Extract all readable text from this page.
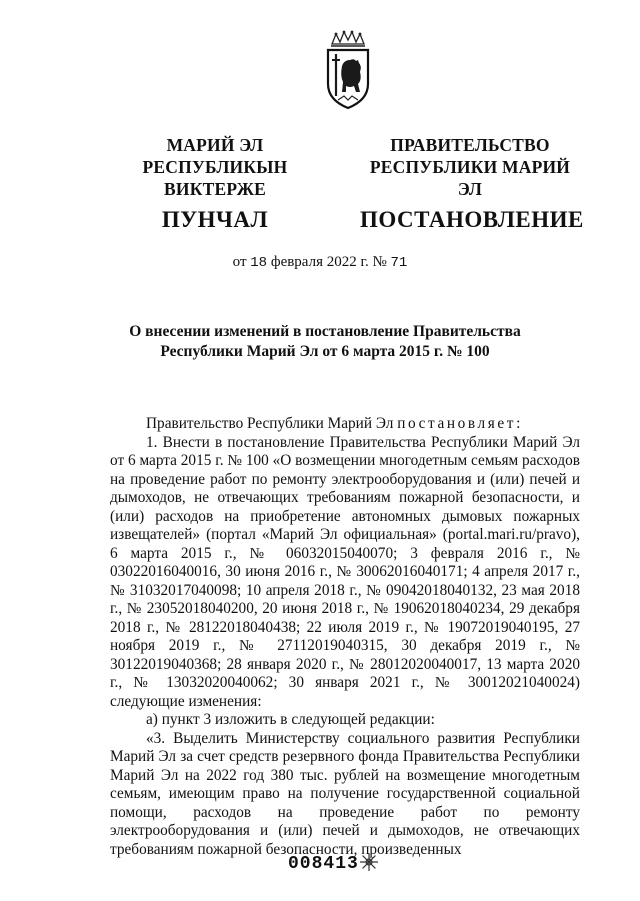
МАРИЙ ЭЛ РЕСПУБЛИКЫН
ВИКТЕРЖЕ
ПУНЧАЛ
ПРАВИТЕЛЬСТВО
РЕСПУБЛИКИ МАРИЙ ЭЛ
ПОСТАНОВЛЕНИЕ
от 18 февраля 2022 г. № 71
О внесении изменений в постановление Правительства
Республики Марий Эл от 6 марта 2015 г. № 100

Правительство Республики Марий Эл постановляет:

1. Внести в постановление Правительства Республики Марий Эл от 6 марта 2015 г. № 100 «О возмещении многодетным семьям расходов на проведение работ по ремонту электрооборудования и (или) печей и дымоходов, не отвечающих требованиям пожарной безопасности, и (или) расходов на приобретение автономных дымовых пожарных извещателей» (портал «Марий Эл официальная» (portal.mari.ru/pravo), 6 марта 2015 г., № 06032015040070; 3 февраля 2016 г., № 03022016040016, 30 июня 2016 г., № 30062016040171; 4 апреля 2017 г., № 31032017040098; 10 апреля 2018 г., № 09042018040132, 23 мая 2018 г., № 23052018040200, 20 июня 2018 г., № 19062018040234, 29 декабря 2018 г., № 28122018040438; 22 июля 2019 г., № 19072019040195, 27 ноября 2019 г., № 27112019040315, 30 декабря 2019 г., № 30122019040368; 28 января 2020 г., № 28012020040017, 13 марта 2020 г., № 13032020040062; 30 января 2021 г., № 30012021040024) следующие изменения:

а) пункт 3 изложить в следующей редакции:

«3. Выделить Министерству социального развития Республики Марий Эл за счет средств резервного фонда Правительства Республики Марий Эл на 2022 год 380 тыс. рублей на возмещение многодетным семьям, имеющим право на получение государственной социальной помощи, расходов на проведение работ по ремонту электрооборудования и (или) печей и дымоходов, не отвечающих требованиям пожарной безопасности, произведенных

008413
